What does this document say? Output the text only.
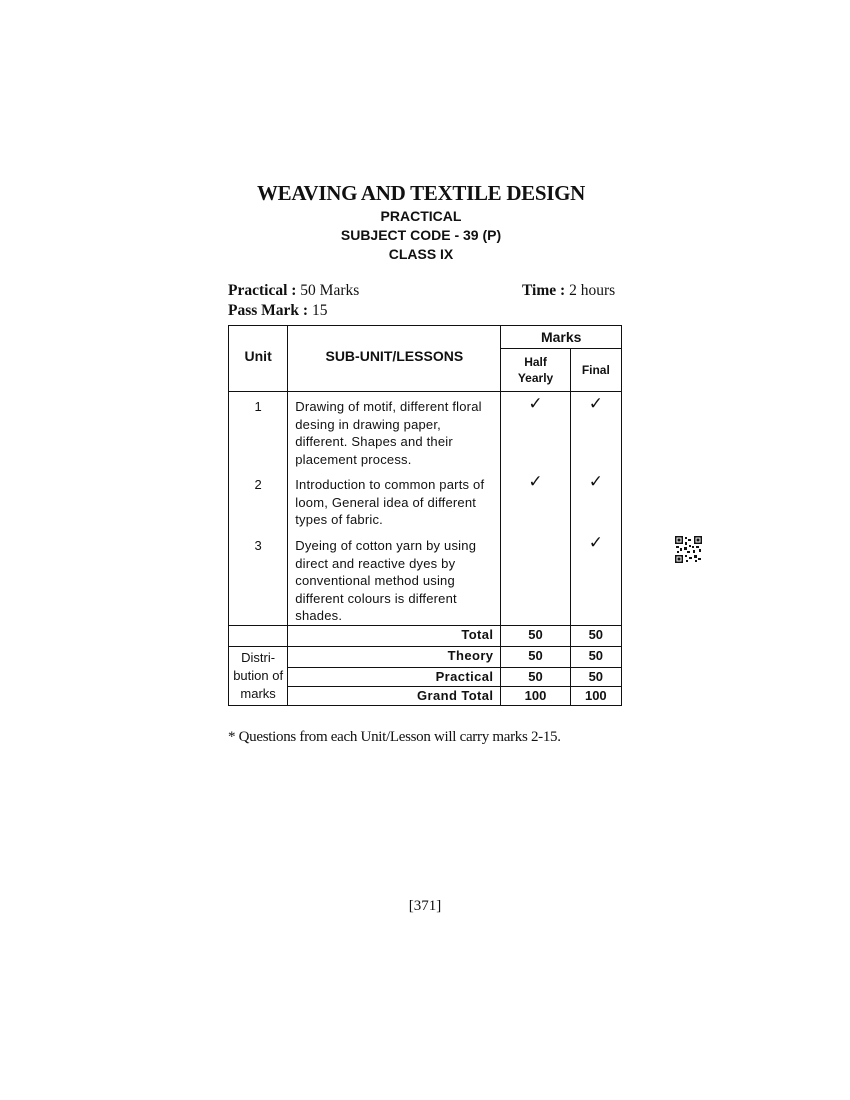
WEAVING AND TEXTILE DESIGN
PRACTICAL
SUBJECT CODE - 39 (P)
CLASS IX
Practical : 50 Marks	Time : 2 hours
Pass Mark : 15
Unit	SUB-UNIT/LESSONS	Marks	
		Half Yearly	Final
1	Drawing of motif, different floral desing in drawing paper, different. Shapes and their placement process.	✓	✓
2	Introduction to common parts of loom, General idea of different types of fabric.	✓	✓
3	Dyeing of cotton yarn by using direct and reactive dyes by conventional method using different colours is different shades.		✓
	Total	50	50
Distri- bution of marks	Theory	50	50
	Practical	50	50
	Grand Total	100	100
* Questions from each Unit/Lesson will carry marks 2-15.
[371]
